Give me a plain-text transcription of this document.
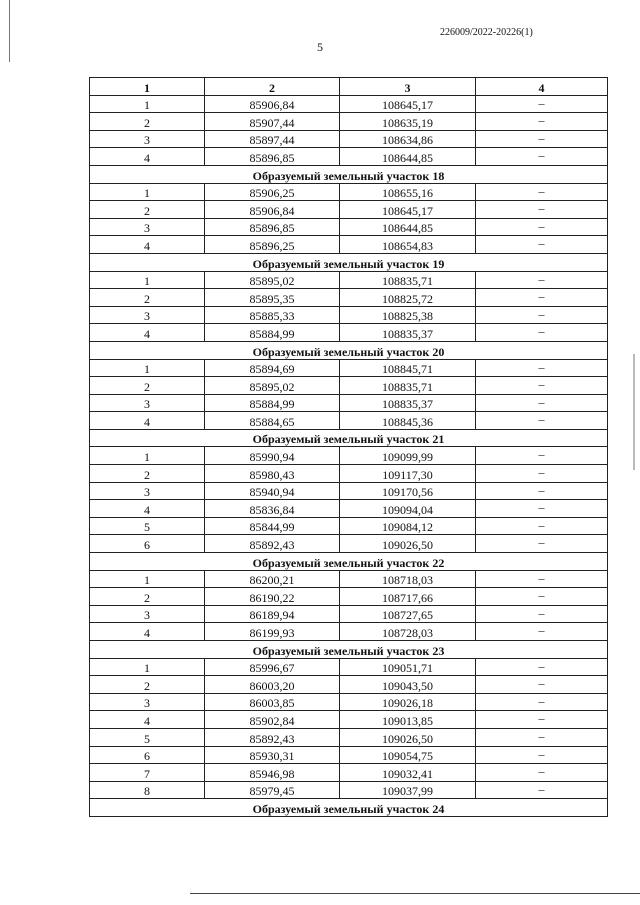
226009/2022-20226(1)
5
1	2	3	4
1	85906,84	108645,17	–
2	85907,44	108635,19	–
3	85897,44	108634,86	–
4	85896,85	108644,85	–
Образуемый земельный участок 18			
1	85906,25	108655,16	–
2	85906,84	108645,17	–
3	85896,85	108644,85	–
4	85896,25	108654,83	–
Образуемый земельный участок 19			
1	85895,02	108835,71	–
2	85895,35	108825,72	–
3	85885,33	108825,38	–
4	85884,99	108835,37	–
Образуемый земельный участок 20			
1	85894,69	108845,71	–
2	85895,02	108835,71	–
3	85884,99	108835,37	–
4	85884,65	108845,36	–
Образуемый земельный участок 21			
1	85990,94	109099,99	–
2	85980,43	109117,30	–
3	85940,94	109170,56	–
4	85836,84	109094,04	–
5	85844,99	109084,12	–
6	85892,43	109026,50	–
Образуемый земельный участок 22			
1	86200,21	108718,03	–
2	86190,22	108717,66	–
3	86189,94	108727,65	–
4	86199,93	108728,03	–
Образуемый земельный участок 23			
1	85996,67	109051,71	–
2	86003,20	109043,50	–
3	86003,85	109026,18	–
4	85902,84	109013,85	–
5	85892,43	109026,50	–
6	85930,31	109054,75	–
7	85946,98	109032,41	–
8	85979,45	109037,99	–
Образуемый земельный участок 24			
